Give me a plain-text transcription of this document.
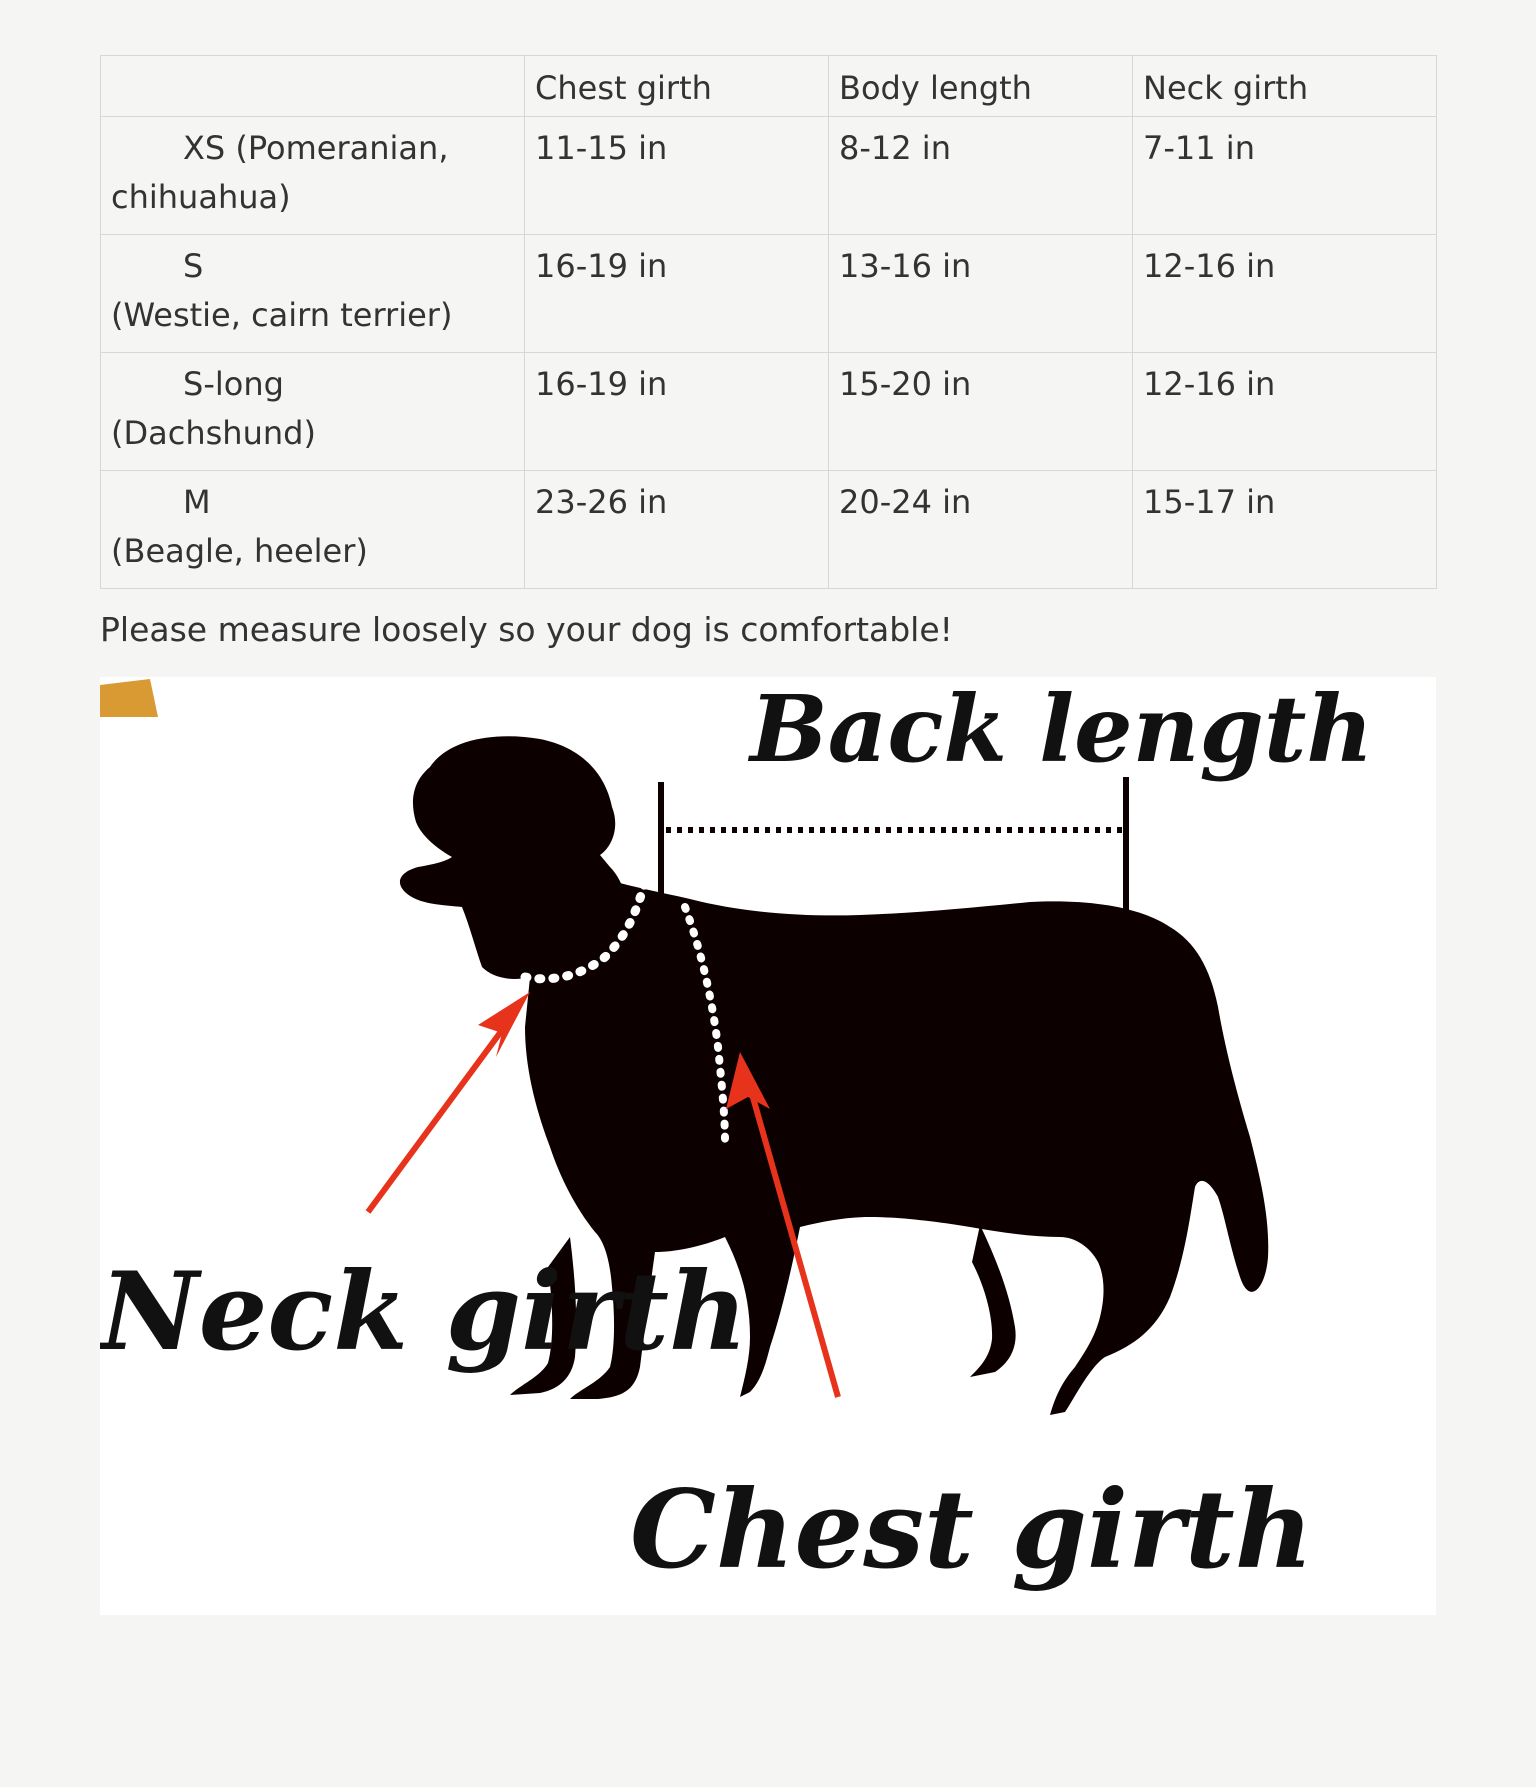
	Chest girth	Body length	Neck girth

XS (Pomeranian,
chihuahua)	11-15 in	8-12 in	7-11 in

S
(Westie, cairn terrier)	16-19 in	13-16 in	12-16 in

S-long
(Dachshund)	16-19 in	15-20 in	12-16 in

M
(Beagle, heeler)	23-26 in	20-24 in	15-17 in

Please measure loosely so your dog is comfortable!

Back length
Neck girth
Chest girth
